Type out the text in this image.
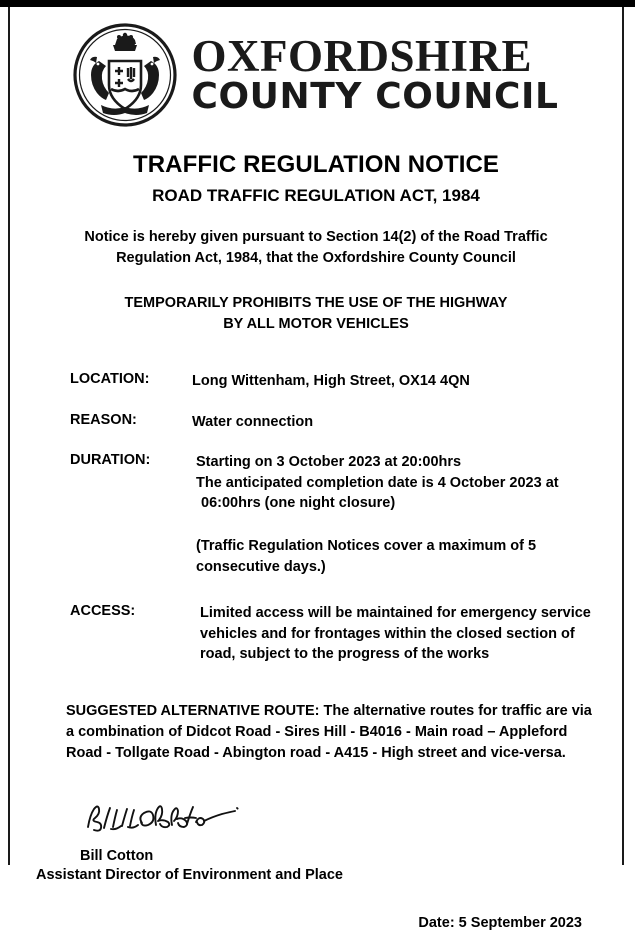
OXFORDSHIRE
COUNTY COUNCIL
TRAFFIC REGULATION NOTICE
ROAD TRAFFIC REGULATION ACT, 1984
Notice is hereby given pursuant to Section 14(2) of the Road Traffic Regulation Act, 1984, that the Oxfordshire County Council
TEMPORARILY PROHIBITS THE USE OF THE HIGHWAY
BY ALL MOTOR VEHICLES
LOCATION:	Long Wittenham, High Street, OX14 4QN
REASON:	Water connection
DURATION:	Starting on 3 October 2023 at 20:00hrs
The anticipated completion date is 4 October 2023 at
06:00hrs (one night closure)
(Traffic Regulation Notices cover a maximum of 5 consecutive days.)
ACCESS:	Limited access will be maintained for emergency service vehicles and for frontages within the closed section of road, subject to the progress of the works
SUGGESTED ALTERNATIVE ROUTE: The alternative routes for traffic are via a combination of Didcot Road - Sires Hill - B4016 - Main road – Appleford Road - Tollgate Road - Abington road - A415 - High street and vice-versa.
Bill Cotton
Assistant Director of Environment and Place
Date: 5 September 2023
